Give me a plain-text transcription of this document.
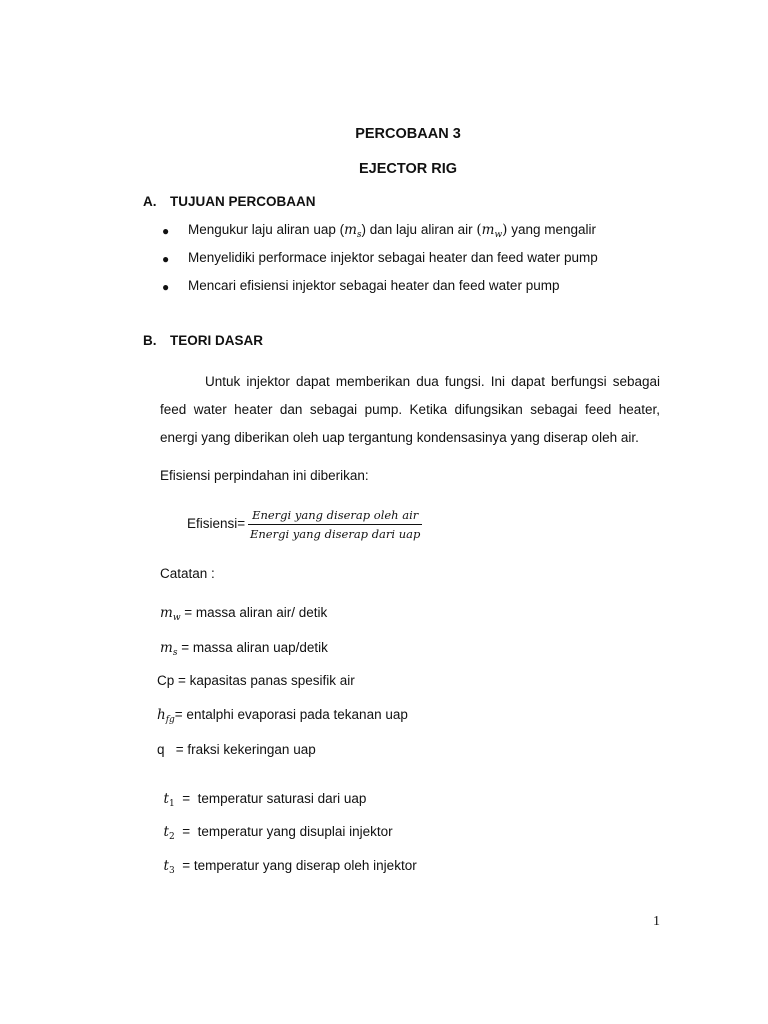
PERCOBAAN 3
EJECTOR RIG
A. TUJUAN PERCOBAAN
● Mengukur laju aliran uap $(m_s)$ dan laju aliran air $(m_w)$ yang mengalir
● Menyelidiki performace injektor sebagai heater dan feed water pump
● Mencari efisiensi injektor sebagai heater dan feed water pump
B. TEORI DASAR
Untuk injektor dapat memberikan dua fungsi. Ini dapat berfungsi sebagai
feed water heater dan sebagai pump. Ketika difungsikan sebagai feed heater,
energi yang diberikan oleh uap tergantung kondensasinya yang diserap oleh air.
Efisiensi perpindahan ini diberikan:
Efisiensi=
Energi yang diserap oleh air
Energi yang diserap dari uap
Catatan :
$m_w$ = massa aliran air/ detik
$m_s$ = massa aliran uap/detik
Cp = kapasitas panas spesifik air
$h_{fg}=$ entalphi evaporasi pada tekanan uap
q   = fraksi kekeringan uap

$t_1$  =  temperatur saturasi dari uap

$t_2$  =  temperatur yang disuplai injektor

$t_3$  = temperatur yang diserap oleh injektor

1
